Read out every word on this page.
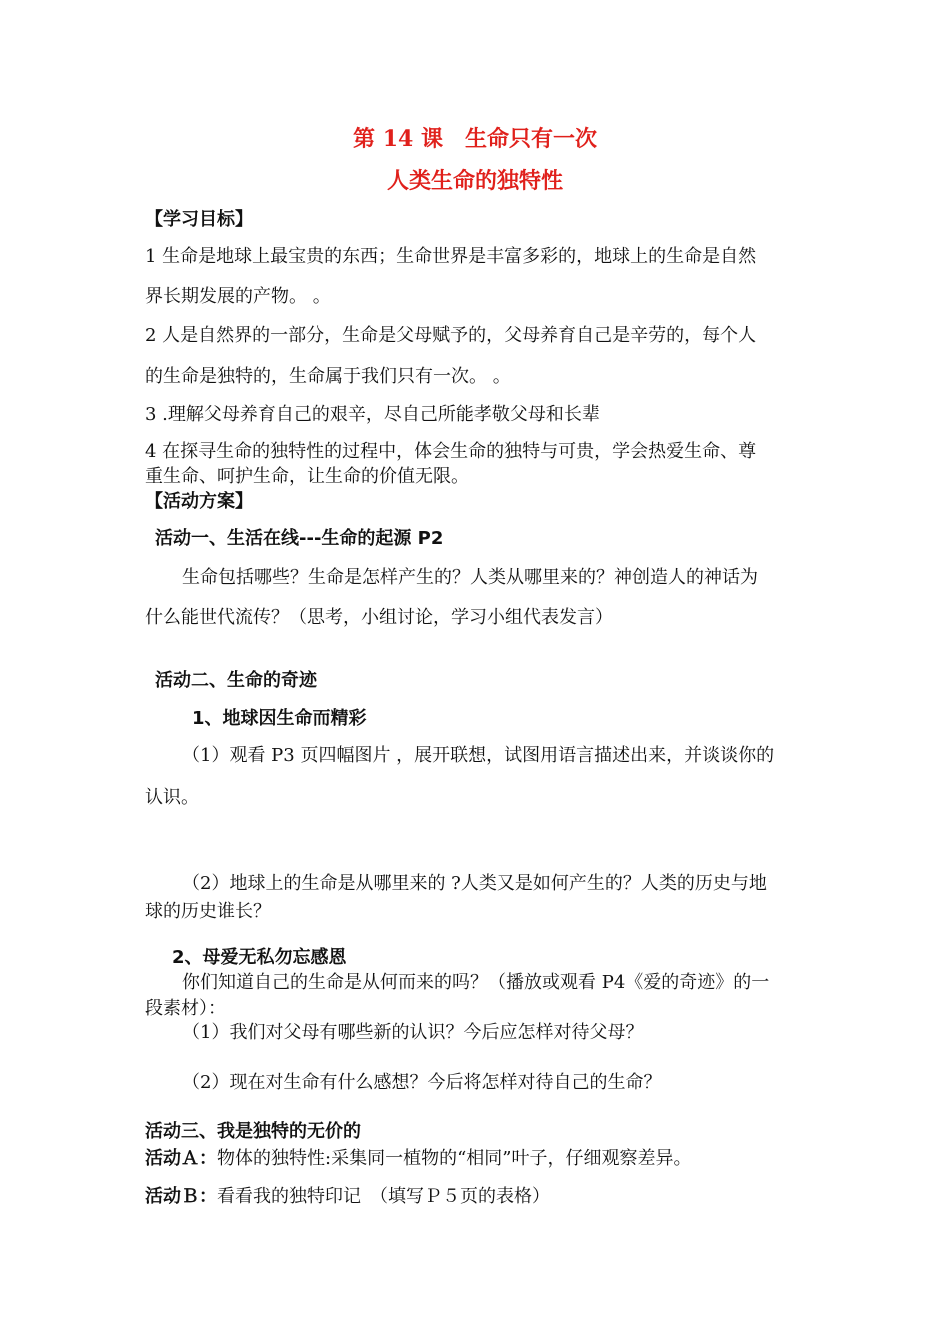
第 14 课　生命只有一次
人类生命的独特性
【学习目标】
1 生命是地球上最宝贵的东西；生命世界是丰富多彩的，地球上的生命是自然
界长期发展的产物。 。
2 人是自然界的一部分，生命是父母赋予的，父母养育自己是辛劳的，每个人
的生命是独特的，生命属于我们只有一次。 。
3 .理解父母养育自己的艰辛，尽自己所能孝敬父母和长辈
4 在探寻生命的独特性的过程中，体会生命的独特与可贵，学会热爱生命、尊
重生命、呵护生命，让生命的价值无限。
【活动方案】
活动一、生活在线---生命的起源 P2
生命包括哪些？生命是怎样产生的？人类从哪里来的？神创造人的神话为
什么能世代流传？（思考，小组讨论，学习小组代表发言）
活动二、生命的奇迹
1、地球因生命而精彩
（1）观看 P3 页四幅图片 ，展开联想，试图用语言描述出来，并谈谈你的
认识。
（2）地球上的生命是从哪里来的 ?人类又是如何产生的？人类的历史与地
球的历史谁长？
2、母爱无私勿忘感恩
你们知道自己的生命是从何而来的吗？（播放或观看 P4《爱的奇迹》的一
段素材）：
（1）我们对父母有哪些新的认识？今后应怎样对待父母？
（2）现在对生命有什么感想？今后将怎样对待自己的生命？
活动三、我是独特的无价的
活动Ａ：物体的独特性:采集同一植物的“相同”叶子，仔细观察差异。
活动Ｂ：看看我的独特印记　（填写Ｐ５页的表格）
